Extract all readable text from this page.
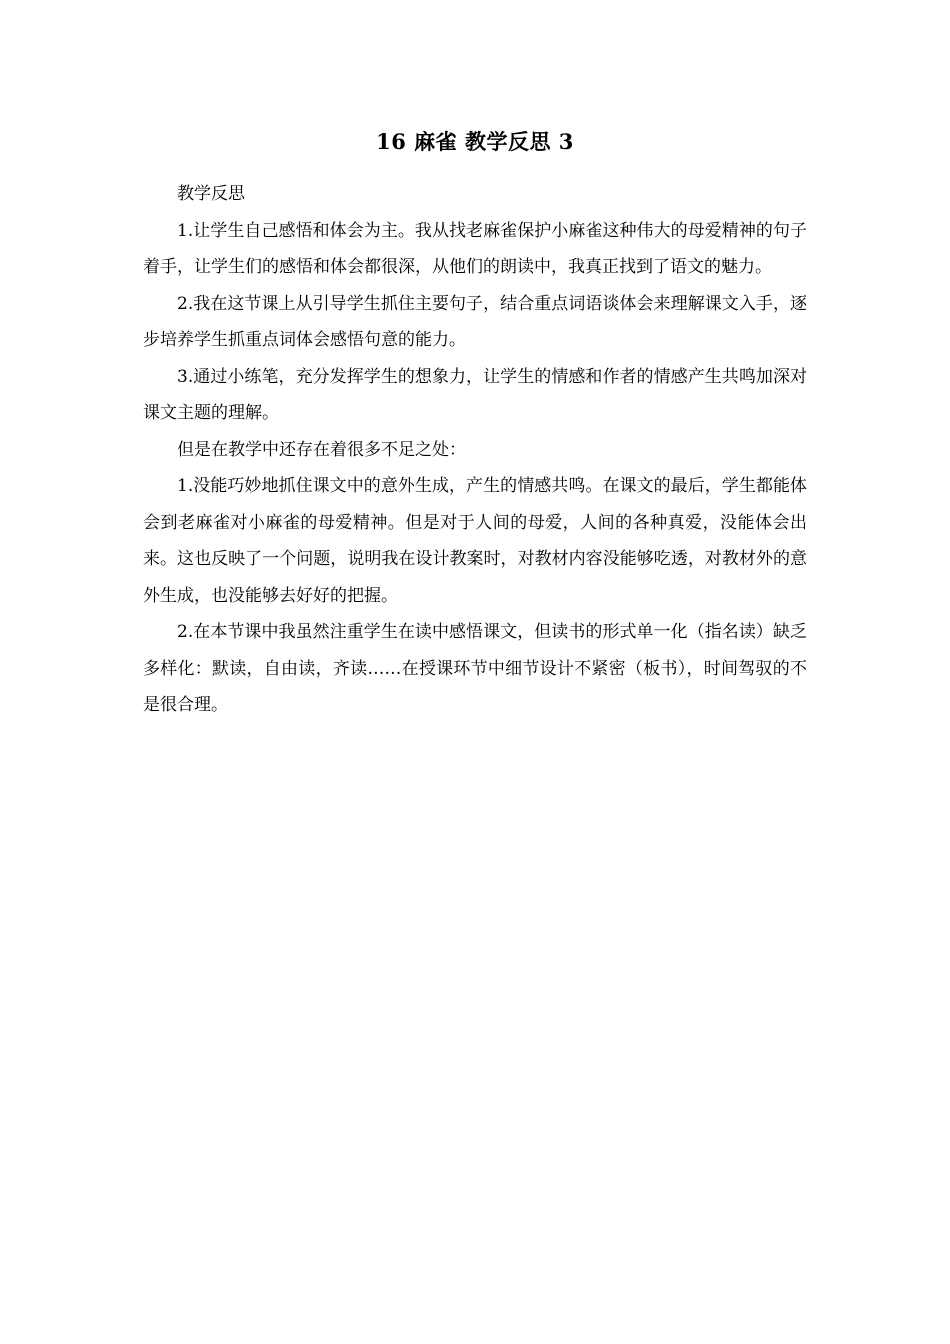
16 麻雀 教学反思 3

教学反思

1.让学生自己感悟和体会为主。我从找老麻雀保护小麻雀这种伟大的母爱精神的句子着手，让学生们的感悟和体会都很深，从他们的朗读中，我真正找到了语文的魅力。

2.我在这节课上从引导学生抓住主要句子，结合重点词语谈体会来理解课文入手，逐步培养学生抓重点词体会感悟句意的能力。

3.通过小练笔，充分发挥学生的想象力，让学生的情感和作者的情感产生共鸣加深对课文主题的理解。

但是在教学中还存在着很多不足之处：

1.没能巧妙地抓住课文中的意外生成，产生的情感共鸣。在课文的最后，学生都能体会到老麻雀对小麻雀的母爱精神。但是对于人间的母爱，人间的各种真爱，没能体会出来。这也反映了一个问题，说明我在设计教案时，对教材内容没能够吃透，对教材外的意外生成，也没能够去好好的把握。

2.在本节课中我虽然注重学生在读中感悟课文，但读书的形式单一化（指名读）缺乏多样化：默读，自由读，齐读……在授课环节中细节设计不紧密（板书），时间驾驭的不是很合理。
